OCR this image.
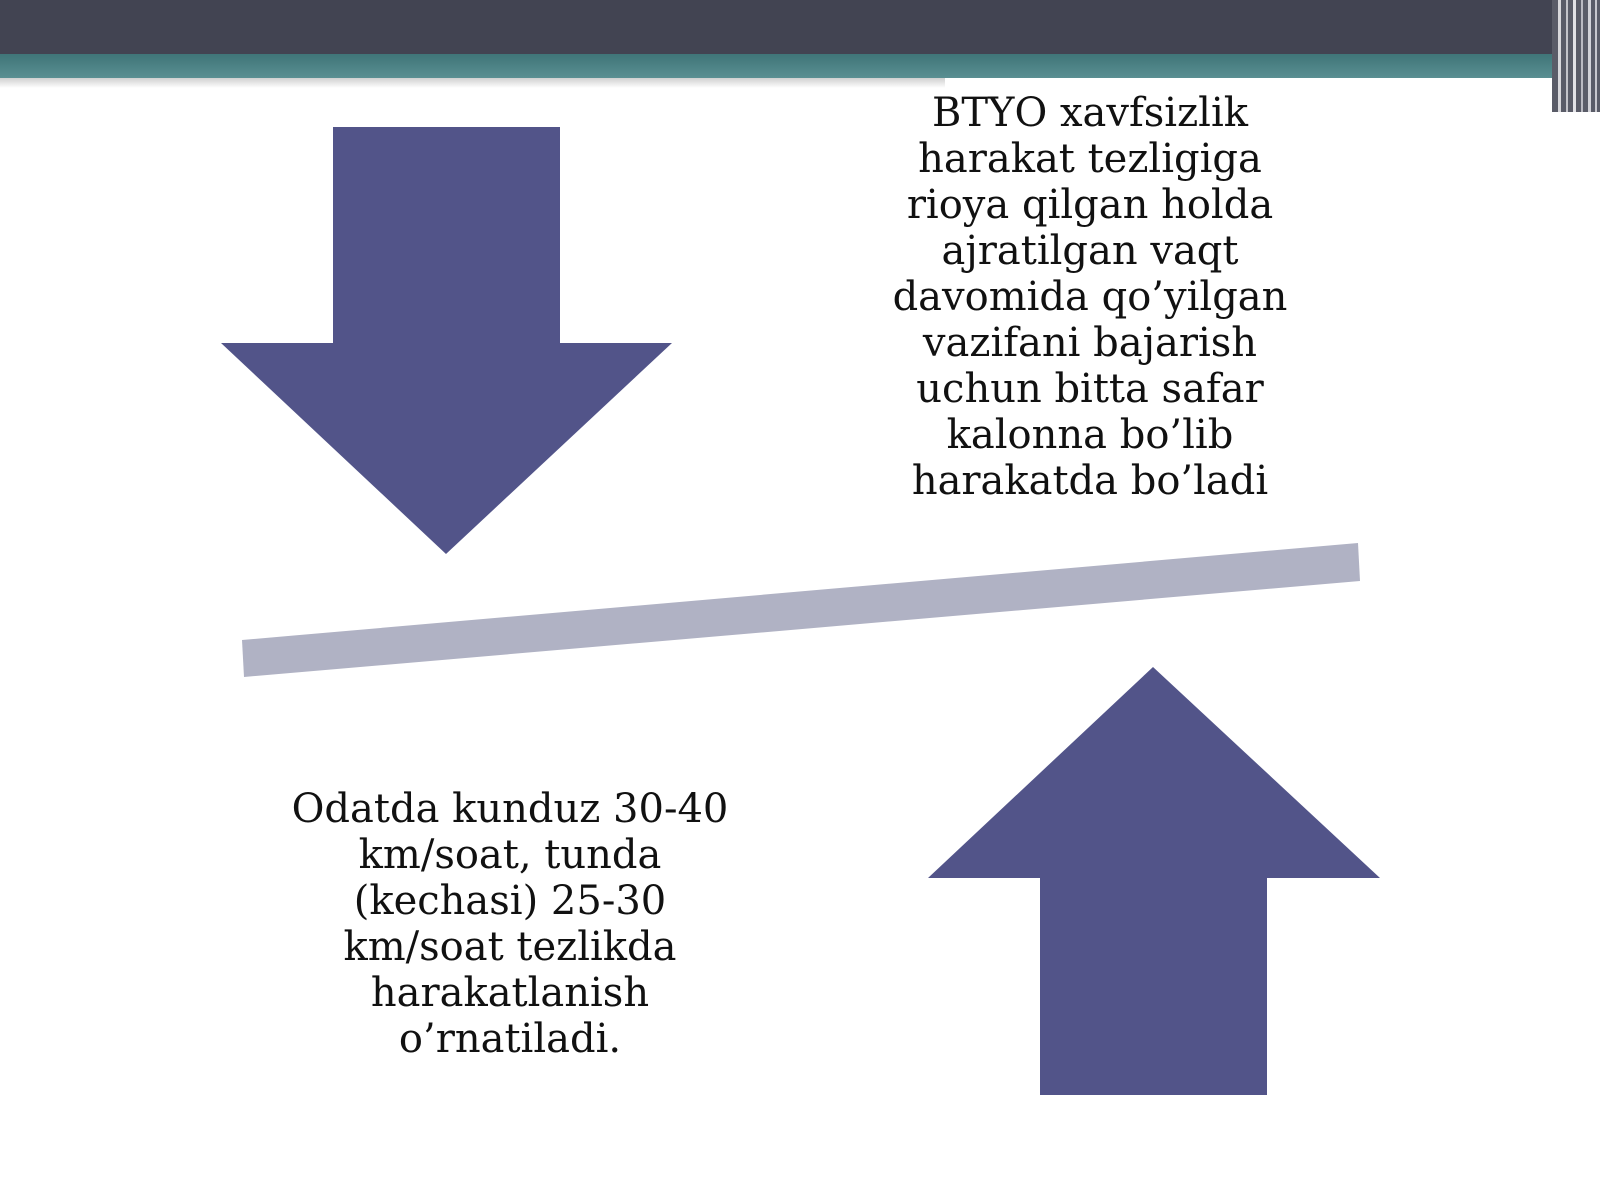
BTYO xavfsizlik
harakat tezligiga
rioya qilgan holda
ajratilgan vaqt
davomida qo’yilgan
vazifani bajarish
uchun bitta safar
kalonna bo’lib
harakatda bo’ladi
Odatda kunduz 30-40
km/soat, tunda
(kechasi) 25-30
km/soat tezlikda
harakatlanish
o’rnatiladi.
